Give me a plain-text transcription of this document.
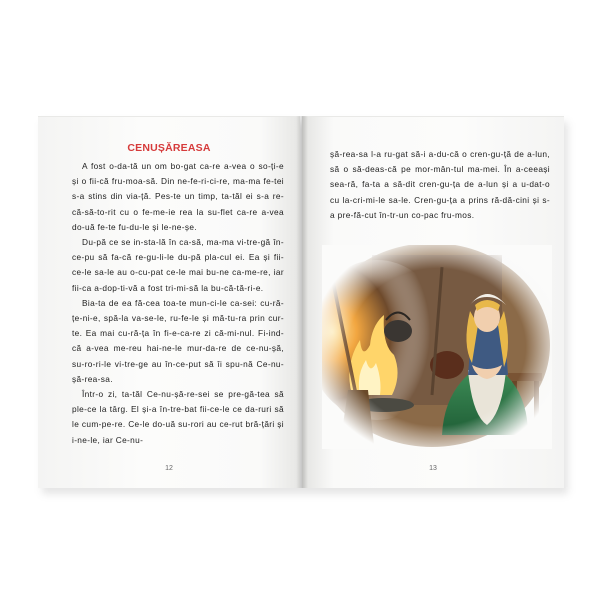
CENUȘĂREASA

A fost o-da-tă un om bo-gat ca-re a-vea o so-ți-e și o fii-că fru-moa-să. Din ne-fe-ri-ci-re, ma-ma fe-tei s-a stins din via-ță. Pes-te un timp, ta-tăl ei s-a re-că-să-to-rit cu o fe-me-ie rea la su-flet ca-re a-vea do-uă fe-te fu-du-le și le-ne-șe.

Du-pă ce se in-sta-lă în ca-să, ma-ma vi-tre-gă în-ce-pu să fa-că re-gu-li-le du-pă pla-cul ei. Ea și fii-ce-le sa-le au o-cu-pat ce-le mai bu-ne ca-me-re, iar fii-ca a-dop-ti-vă a fost tri-mi-să la bu-că-tă-ri-e.

Bia-ta de ea fă-cea toa-te mun-ci-le ca-sei: cu-ră-țe-ni-e, spă-la va-se-le, ru-fe-le și mă-tu-ra prin cur-te. Ea mai cu-ră-ța în fi-e-ca-re zi că-mi-nul. Fi-ind-că a-vea me-reu hai-ne-le mur-da-re de ce-nu-șă, su-ro-ri-le vi-tre-ge au în-ce-put să îi spu-nă Ce-nu-șă-rea-sa.

Într-o zi, ta-tăl Ce-nu-șă-re-sei se pre-gă-tea să ple-ce la târg. El și-a în-tre-bat fii-ce-le ce da-ruri să le cum-pe-re. Ce-le do-uă su-rori au ce-rut bră-țări și i-ne-le, iar Ce-nu-

12

șă-rea-sa l-a ru-gat să-i a-du-că o cren-gu-ță de a-lun, să o să-deas-că pe mor-mân-tul ma-mei. În a-ceeași sea-ră, fa-ta a să-dit cren-gu-ța de a-lun și a u-dat-o cu la-cri-mi-le sa-le. Cren-gu-ța a prins ră-dă-cini și s-a pre-fă-cut în-tr-un co-pac fru-mos.

13
